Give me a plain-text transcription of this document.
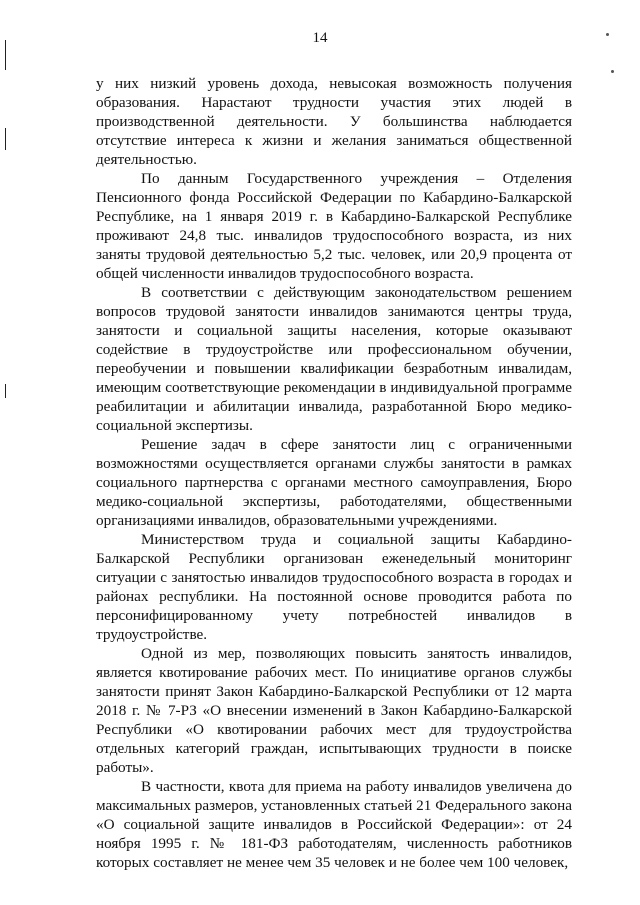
14

у них низкий уровень дохода, невысокая возможность получения образования. Нарастают трудности участия этих людей в производственной деятельности. У большинства наблюдается отсутствие интереса к жизни и желания заниматься общественной деятельностью.

По данным Государственного учреждения – Отделения Пенсионного фонда Российской Федерации по Кабардино-Балкарской Республике, на 1 января 2019 г. в Кабардино-Балкарской Республике проживают 24,8 тыс. инвалидов трудоспособного возраста, из них заняты трудовой деятельностью 5,2 тыс. человек, или 20,9 процента от общей численности инвалидов трудоспособного возраста.

В соответствии с действующим законодательством решением вопросов трудовой занятости инвалидов занимаются центры труда, занятости и социальной защиты населения, которые оказывают содействие в трудоустройстве или профессиональном обучении, переобучении и повышении квалификации безработным инвалидам, имеющим соответствующие рекомендации в индивидуальной программе реабилитации и абилитации инвалида, разработанной Бюро медико-социальной экспертизы.

Решение задач в сфере занятости лиц с ограниченными возможностями осуществляется органами службы занятости в рамках социального партнерства с органами местного самоуправления, Бюро медико-социальной экспертизы, работодателями, общественными организациями инвалидов, образовательными учреждениями.

Министерством труда и социальной защиты Кабардино-Балкарской Республики организован еженедельный мониторинг ситуации с занятостью инвалидов трудоспособного возраста в городах и районах республики. На постоянной основе проводится работа по персонифицированному учету потребностей инвалидов в трудоустройстве.

Одной из мер, позволяющих повысить занятость инвалидов, является квотирование рабочих мест. По инициативе органов службы занятости принят Закон Кабардино-Балкарской Республики от 12 марта 2018 г. № 7-РЗ «О внесении изменений в Закон Кабардино-Балкарской Республики «О квотировании рабочих мест для трудоустройства отдельных категорий граждан, испытывающих трудности в поиске работы».

В частности, квота для приема на работу инвалидов увеличена до максимальных размеров, установленных статьей 21 Федерального закона «О социальной защите инвалидов в Российской Федерации»: от 24 ноября 1995 г. № 181-ФЗ работодателям, численность работников которых составляет не менее чем 35 человек и не более чем 100 человек,
